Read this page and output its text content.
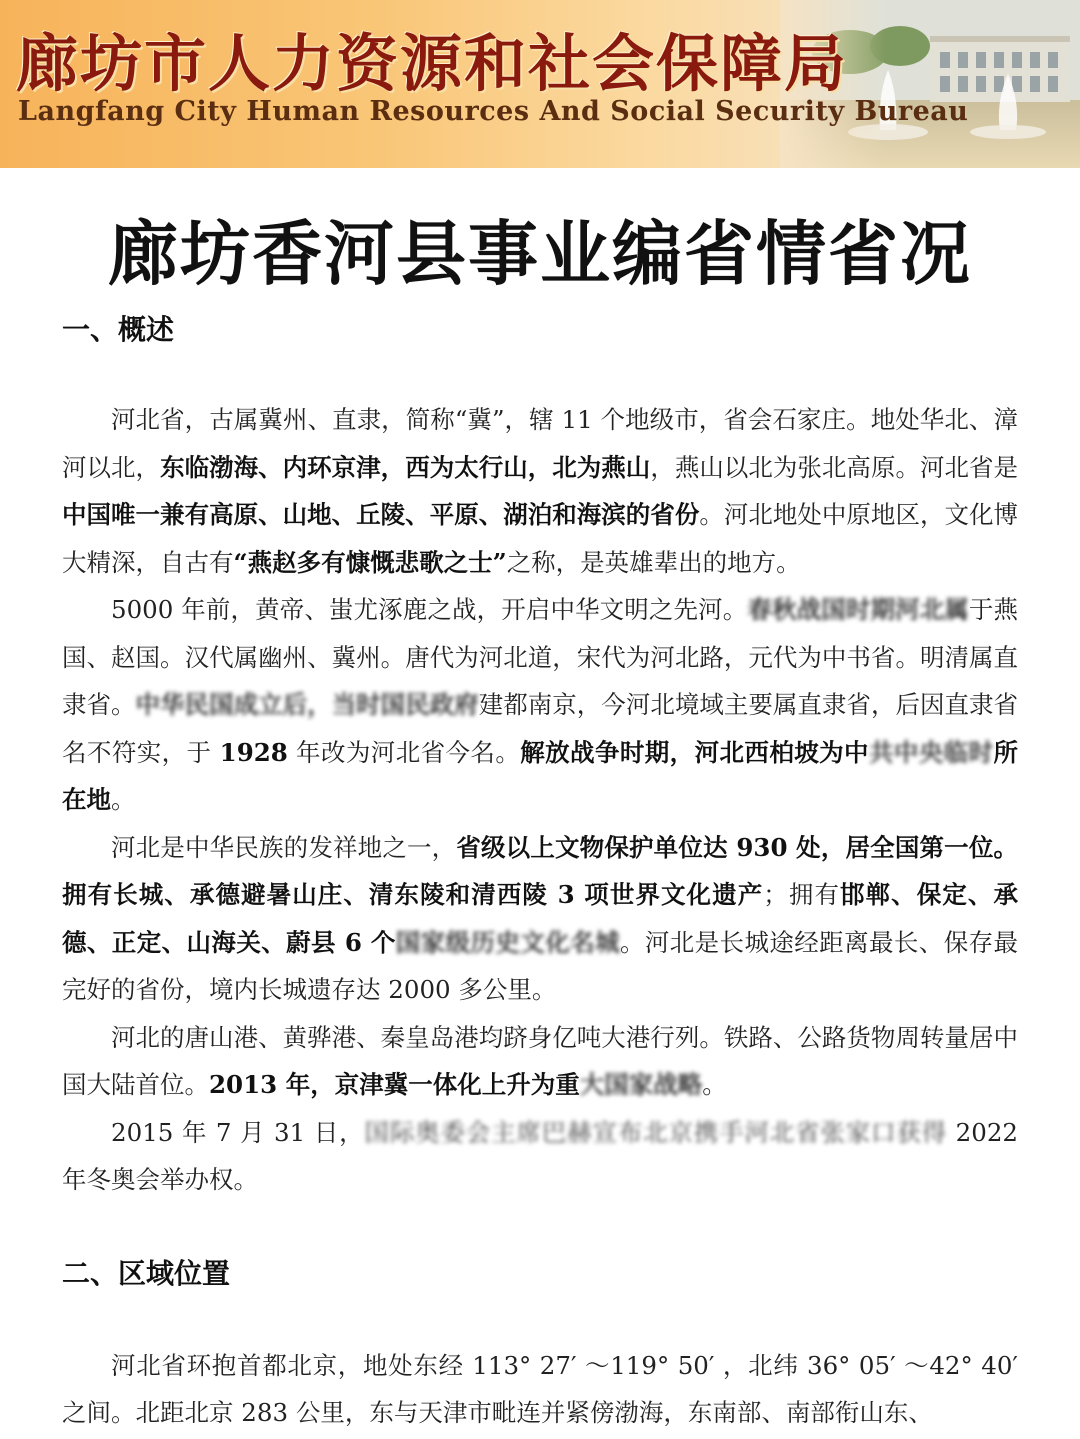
廊坊市人力资源和社会保障局

Langfang City Human Resources And Social Security Bureau

廊坊香河县事业编省情省况
一、概述

河北省，古属冀州、直隶，简称“冀”，辖 11 个地级市，省会石家庄。地处华北、漳河以北，东临渤海、内环京津，西为太行山，北为燕山，燕山以北为张北高原。河北省是中国唯一兼有高原、山地、丘陵、平原、湖泊和海滨的省份。河北地处中原地区，文化博大精深，自古有“燕赵多有慷慨悲歌之士”之称，是英雄辈出的地方。

5000 年前，黄帝、蚩尤涿鹿之战，开启中华文明之先河。春秋战国时期河北属于燕国、赵国。汉代属幽州、冀州。唐代为河北道，宋代为河北路，元代为中书省。明清属直隶省。中华民国成立后，当时国民政府建都南京，今河北境域主要属直隶省，后因直隶省名不符实，于 1928 年改为河北省今名。解放战争时期，河北西柏坡为中共中央临时所在地。

河北是中华民族的发祥地之一，省级以上文物保护单位达 930 处，居全国第一位。拥有长城、承德避暑山庄、清东陵和清西陵 3 项世界文化遗产；拥有邯郸、保定、承德、正定、山海关、蔚县 6 个国家级历史文化名城。河北是长城途经距离最长、保存最完好的省份，境内长城遗存达 2000 多公里。

河北的唐山港、黄骅港、秦皇岛港均跻身亿吨大港行列。铁路、公路货物周转量居中国大陆首位。2013 年，京津冀一体化上升为重大国家战略。

2015 年 7 月 31 日，国际奥委会主席巴赫宣布北京携手河北省张家口获得 2022 年冬奥会举办权。

二、区域位置

河北省环抱首都北京，地处东经 113° 27′ ～119° 50′ ，北纬 36° 05′ ～42° 40′ 之间。北距北京 283 公里，东与天津市毗连并紧傍渤海，东南部、南部衔山东、
